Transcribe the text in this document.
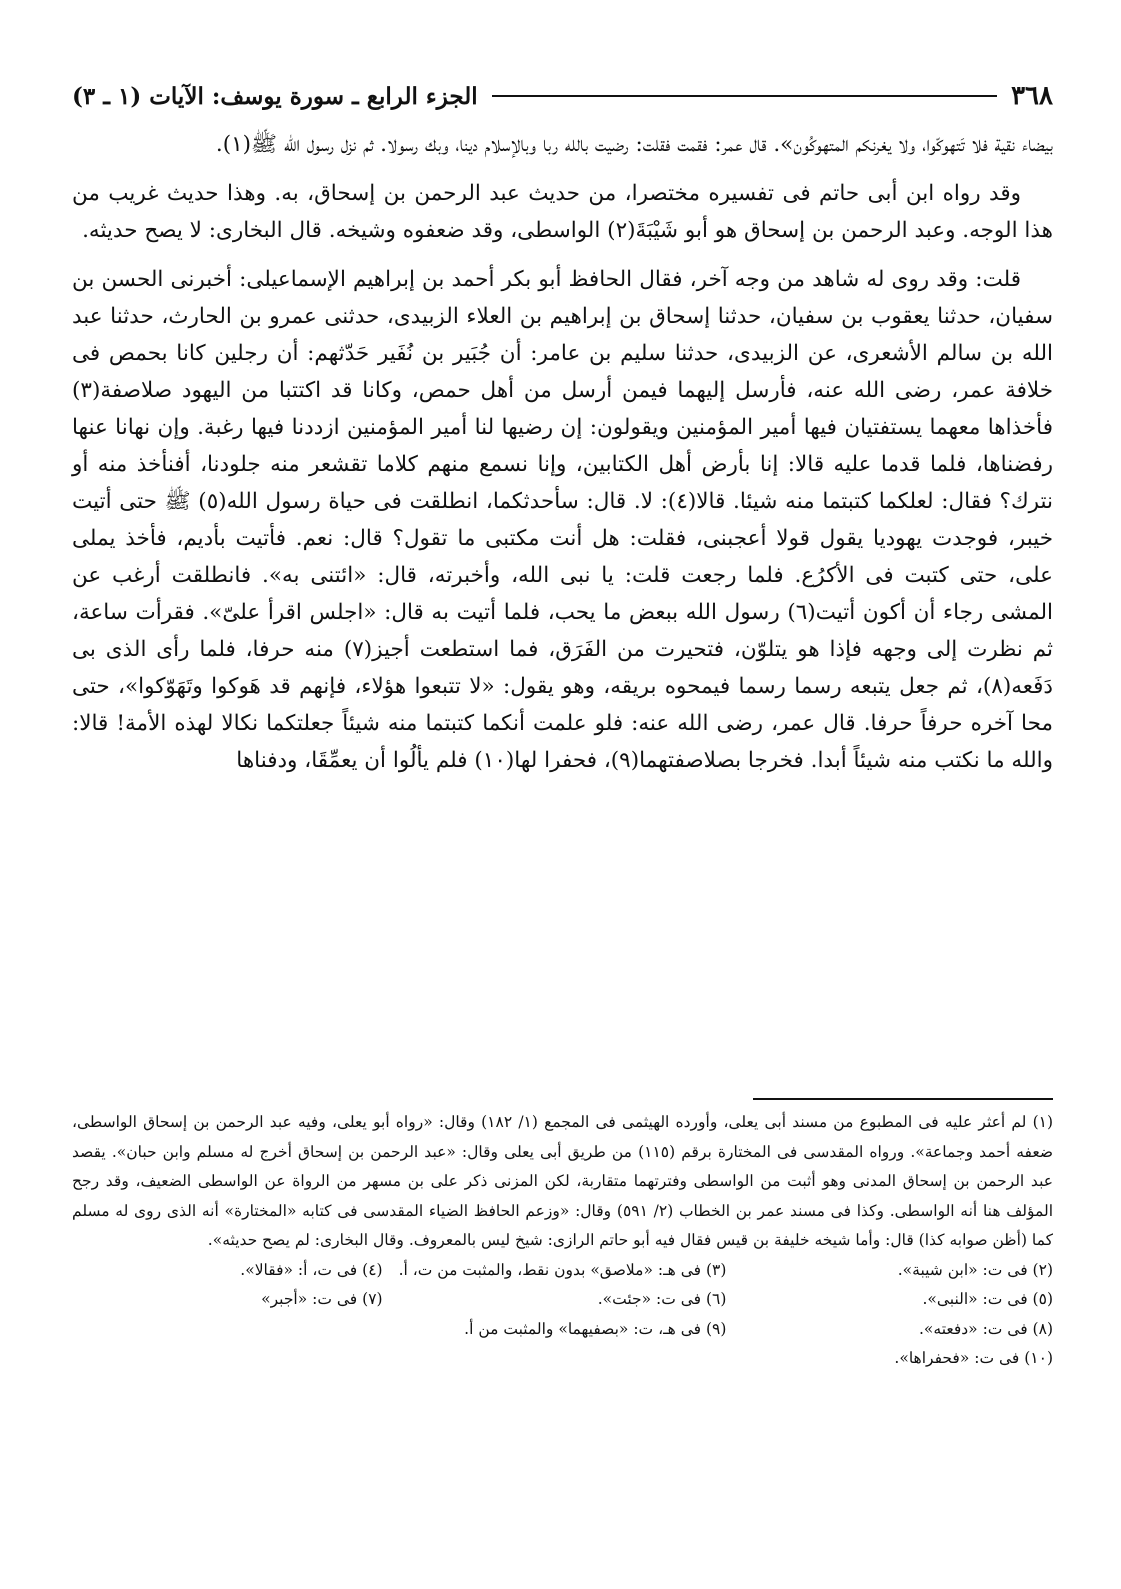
٣٦٨
الجزء الرابع ـ سورة يوسف: الآيات (١ ـ ٣)

بيضاء نقية فلا تَتهوكّوا، ولا يغرنكم المتهوكُون». قال عمر: فقمت فقلت: رضيت بالله ربا وبالإسلام دينا، وبك رسولا. ثم نزل رسول الله ﷺ(١).

وقد رواه ابن أبى حاتم فى تفسيره مختصرا، من حديث عبد الرحمن بن إسحاق، به. وهذا حديث غريب من هذا الوجه. وعبد الرحمن بن إسحاق هو أبو شَيْبَةَ(٢) الواسطى، وقد ضعفوه وشيخه. قال البخارى: لا يصح حديثه.

قلت: وقد روى له شاهد من وجه آخر، فقال الحافظ أبو بكر أحمد بن إبراهيم الإسماعيلى: أخبرنى الحسن بن سفيان، حدثنا يعقوب بن سفيان، حدثنا إسحاق بن إبراهيم بن العلاء الزبيدى، حدثنى عمرو بن الحارث، حدثنا عبد الله بن سالم الأشعرى، عن الزبيدى، حدثنا سليم بن عامر: أن جُبَير بن نُفَير حَدّثهم: أن رجلين كانا بحمص فى خلافة عمر، رضى الله عنه، فأرسل إليهما فيمن أرسل من أهل حمص، وكانا قد اكتتبا من اليهود صلاصفة(٣) فأخذاها معهما يستفتيان فيها أمير المؤمنين ويقولون: إن رضيها لنا أمير المؤمنين ازددنا فيها رغبة. وإن نهانا عنها رفضناها، فلما قدما عليه قالا: إنا بأرض أهل الكتابين، وإنا نسمع منهم كلاما تقشعر منه جلودنا، أفنأخذ منه أو نترك؟ فقال: لعلكما كتبتما منه شيئا. قالا(٤): لا. قال: سأحدثكما، انطلقت فى حياة رسول الله(٥) ﷺ حتى أتيت خيبر، فوجدت يهوديا يقول قولا أعجبنى، فقلت: هل أنت مكتبى ما تقول؟ قال: نعم. فأتيت بأديم، فأخذ يملى على، حتى كتبت فى الأكرُع. فلما رجعت قلت: يا نبى الله، وأخبرته، قال: «ائتنى به». فانطلقت أرغب عن المشى رجاء أن أكون أتيت(٦) رسول الله ببعض ما يحب، فلما أتيت به قال: «اجلس اقرأ علىّ». فقرأت ساعة، ثم نظرت إلى وجهه فإذا هو يتلوّن، فتحيرت من الفَرَق، فما استطعت أجيز(٧) منه حرفا، فلما رأى الذى بى دَفَعه(٨)، ثم جعل يتبعه رسما رسما فيمحوه بريقه، وهو يقول: «لا تتبعوا هؤلاء، فإنهم قد هَوكوا وتَهَوّكوا»، حتى محا آخره حرفاً حرفا. قال عمر، رضى الله عنه: فلو علمت أنكما كتبتما منه شيئاً جعلتكما نكالا لهذه الأمة! قالا: والله ما نكتب منه شيئاً أبدا. فخرجا بصلاصفتهما(٩)، فحفرا لها(١٠) فلم يألُوا أن يعمِّقَا، ودفناها

(١) لم أعثر عليه فى المطبوع من مسند أبى يعلى، وأورده الهيثمى فى المجمع (١/ ١٨٢) وقال: «رواه أبو يعلى، وفيه عبد الرحمن بن إسحاق الواسطى، ضعفه أحمد وجماعة». ورواه المقدسى فى المختارة برقم (١١٥) من طريق أبى يعلى وقال: «عبد الرحمن بن إسحاق أخرج له مسلم وابن حبان». يقصد عبد الرحمن بن إسحاق المدنى وهو أثبت من الواسطى وفترتهما متقاربة، لكن المزنى ذكر على بن مسهر من الرواة عن الواسطى الضعيف، وقد رجح المؤلف هنا أنه الواسطى. وكذا فى مسند عمر بن الخطاب (٢/ ٥٩١) وقال: «وزعم الحافظ الضياء المقدسى فى كتابه «المختارة» أنه الذى روى له مسلم كما (أظن صوابه كذا) قال: وأما شيخه خليفة بن قيس فقال فيه أبو حاتم الرازى: شيخ ليس بالمعروف. وقال البخارى: لم يصح حديثه».

(٢) فى ت: «ابن شيبة».
(٣) فى هـ: «ملاصق» بدون نقط، والمثبت من ت، أ.
(٤) فى ت، أ: «فقالا».
(٥) فى ت: «النبى».
(٦) فى ت: «جئت».
(٧) فى ت: «أجبر»
(٨) فى ت: «دفعته».
(٩) فى هـ، ت: «بصفيهما» والمثبت من أ.
(١٠) فى ت: «فحفراها».
